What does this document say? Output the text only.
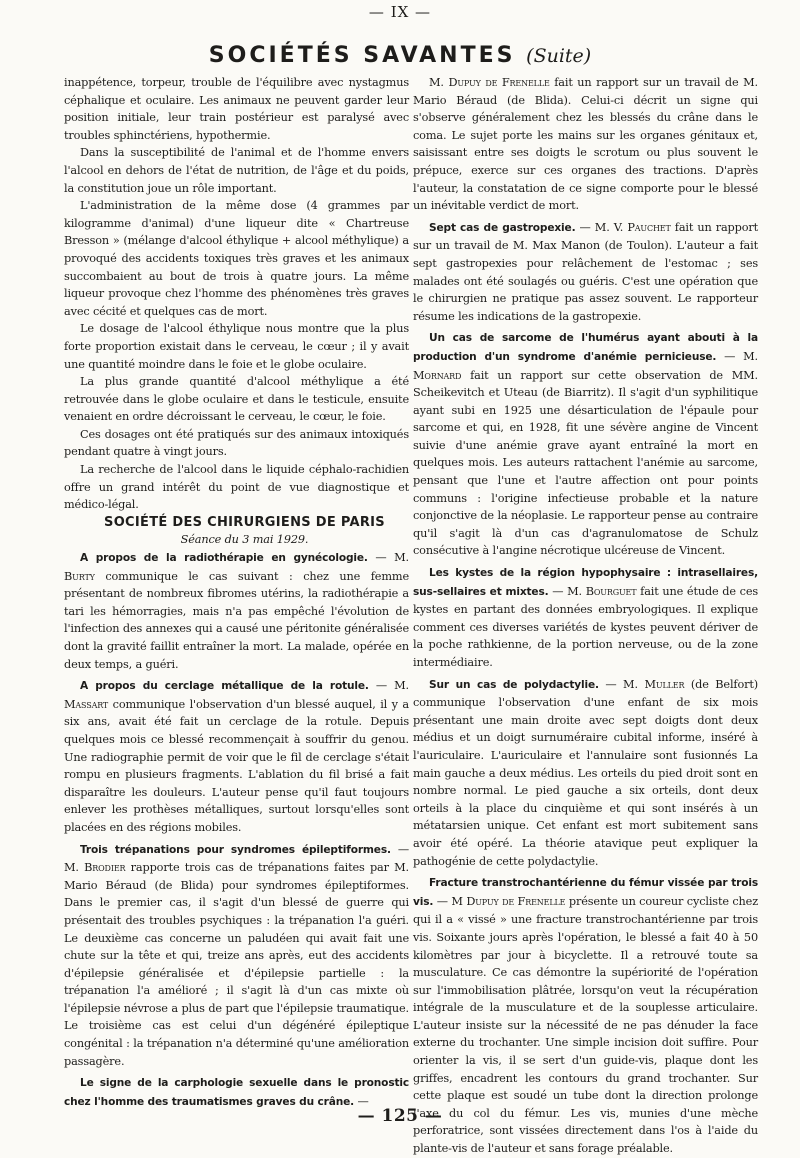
— IX —
SOCIÉTÉS SAVANTES (Suite)

inappétence, torpeur, trouble de l'équilibre avec nystagmus céphalique et oculaire. Les animaux ne peuvent garder leur position initiale, leur train postérieur est paralysé avec troubles sphinctériens, hypothermie.

Dans la susceptibilité de l'animal et de l'homme envers l'alcool en dehors de l'état de nutrition, de l'âge et du poids, la constitution joue un rôle important.

L'administration de la même dose (4 grammes par kilogramme d'animal) d'une liqueur dite « Chartreuse Bresson » (mélange d'alcool éthylique + alcool méthylique) a provoqué des accidents toxiques très graves et les animaux succombaient au bout de trois à quatre jours. La même liqueur provoque chez l'homme des phénomènes très graves avec cécité et quelques cas de mort.

Le dosage de l'alcool éthylique nous montre que la plus forte proportion existait dans le cerveau, le cœur ; il y avait une quantité moindre dans le foie et le globe oculaire.

La plus grande quantité d'alcool méthylique a été retrouvée dans le globe oculaire et dans le testicule, ensuite venaient en ordre décroissant le cerveau, le cœur, le foie.

Ces dosages ont été pratiqués sur des animaux intoxiqués pendant quatre à vingt jours.

La recherche de l'alcool dans le liquide céphalo-rachidien offre un grand intérêt du point de vue diagnostique et médico-légal.

SOCIÉTÉ DES CHIRURGIENS DE PARIS

Séance du 3 mai 1929.

A propos de la radiothérapie en gynécologie. — M. Burty communique le cas suivant : chez une femme présentant de nombreux fibromes utérins, la radiothérapie a tari les hémorragies, mais n'a pas empêché l'évolution de l'infection des annexes qui a causé une péritonite généralisée dont la gravité faillit entraîner la mort. La malade, opérée en deux temps, a guéri.

A propos du cerclage métallique de la rotule. — M. Massart communique l'observation d'un blessé auquel, il y a six ans, avait été fait un cerclage de la rotule. Depuis quelques mois ce blessé recommençait à souffrir du genou. Une radiographie permit de voir que le fil de cerclage s'était rompu en plusieurs fragments. L'ablation du fil brisé a fait disparaître les douleurs. L'auteur pense qu'il faut toujours enlever les prothèses métalliques, surtout lorsqu'elles sont placées en des régions mobiles.

Trois trépanations pour syndromes épileptiformes. — M. Brodier rapporte trois cas de trépanations faites par M. Mario Béraud (de Blida) pour syndromes épileptiformes. Dans le premier cas, il s'agit d'un blessé de guerre qui présentait des troubles psychiques : la trépanation l'a guéri. Le deuxième cas concerne un paludéen qui avait fait une chute sur la tête et qui, treize ans après, eut des accidents d'épilepsie généralisée et d'épilepsie partielle : la trépanation l'a amélioré ; il s'agit là d'un cas mixte où l'épilepsie névrose a plus de part que l'épilepsie traumatique. Le troisième cas est celui d'un dégénéré épileptique congénital : la trépanation n'a déterminé qu'une amélioration passagère.

Le signe de la carphologie sexuelle dans le pronostic chez l'homme des traumatismes graves du crâne. —

M. Dupuy de Frenelle fait un rapport sur un travail de M. Mario Béraud (de Blida). Celui-ci décrit un signe qui s'observe généralement chez les blessés du crâne dans le coma. Le sujet porte les mains sur les organes génitaux et, saisissant entre ses doigts le scrotum ou plus souvent le prépuce, exerce sur ces organes des tractions. D'après l'auteur, la constatation de ce signe comporte pour le blessé un inévitable verdict de mort.

Sept cas de gastropexie. — M. V. Pauchet fait un rapport sur un travail de M. Max Manon (de Toulon). L'auteur a fait sept gastropexies pour relâchement de l'estomac ; ses malades ont été soulagés ou guéris. C'est une opération que le chirurgien ne pratique pas assez souvent. Le rapporteur résume les indications de la gastropexie.

Un cas de sarcome de l'humérus ayant abouti à la production d'un syndrome d'anémie pernicieuse. — M. Mornard fait un rapport sur cette observation de MM. Scheikevitch et Uteau (de Biarritz). Il s'agit d'un syphilitique ayant subi en 1925 une désarticulation de l'épaule pour sarcome et qui, en 1928, fit une sévère angine de Vincent suivie d'une anémie grave ayant entraîné la mort en quelques mois. Les auteurs rattachent l'anémie au sarcome, pensant que l'une et l'autre affection ont pour points communs : l'origine infectieuse probable et la nature conjonctive de la néoplasie. Le rapporteur pense au contraire qu'il s'agit là d'un cas d'agranulomatose de Schulz consécutive à l'angine nécrotique ulcéreuse de Vincent.

Les kystes de la région hypophysaire : intrasellaires, sus-sellaires et mixtes. — M. Bourguet fait une étude de ces kystes en partant des données embryologiques. Il explique comment ces diverses variétés de kystes peuvent dériver de la poche rathkienne, de la portion nerveuse, ou de la zone intermédiaire.

Sur un cas de polydactylie. — M. Muller (de Belfort) communique l'observation d'une enfant de six mois présentant une main droite avec sept doigts dont deux médius et un doigt surnuméraire cubital informe, inséré à l'auriculaire. L'auriculaire et l'annulaire sont fusionnés La main gauche a deux médius. Les orteils du pied droit sont en nombre normal. Le pied gauche a six orteils, dont deux orteils à la place du cinquième et qui sont insérés à un métatarsien unique. Cet enfant est mort subitement sans avoir été opéré. La théorie atavique peut expliquer la pathogénie de cette polydactylie.

Fracture transtrochantérienne du fémur vissée par trois vis. — M Dupuy de Frenelle présente un coureur cycliste chez qui il a « vissé » une fracture transtrochantérienne par trois vis. Soixante jours après l'opération, le blessé a fait 40 à 50 kilomètres par jour à bicyclette. Il a retrouvé toute sa musculature. Ce cas démontre la supériorité de l'opération sur l'immobilisation plâtrée, lorsqu'on veut la récupération intégrale de la musculature et de la souplesse articulaire. L'auteur insiste sur la nécessité de ne pas dénuder la face externe du trochanter. Une simple incision doit suffire. Pour orienter la vis, il se sert d'un guide-vis, plaque dont les griffes, encadrent les contours du grand trochanter. Sur cette plaque est soudé un tube dont la direction prolonge l'axe du col du fémur. Les vis, munies d'une mèche perforatrice, sont vissées directement dans l'os à l'aide du plante-vis de l'auteur et sans forage préalable.

— 125 —
